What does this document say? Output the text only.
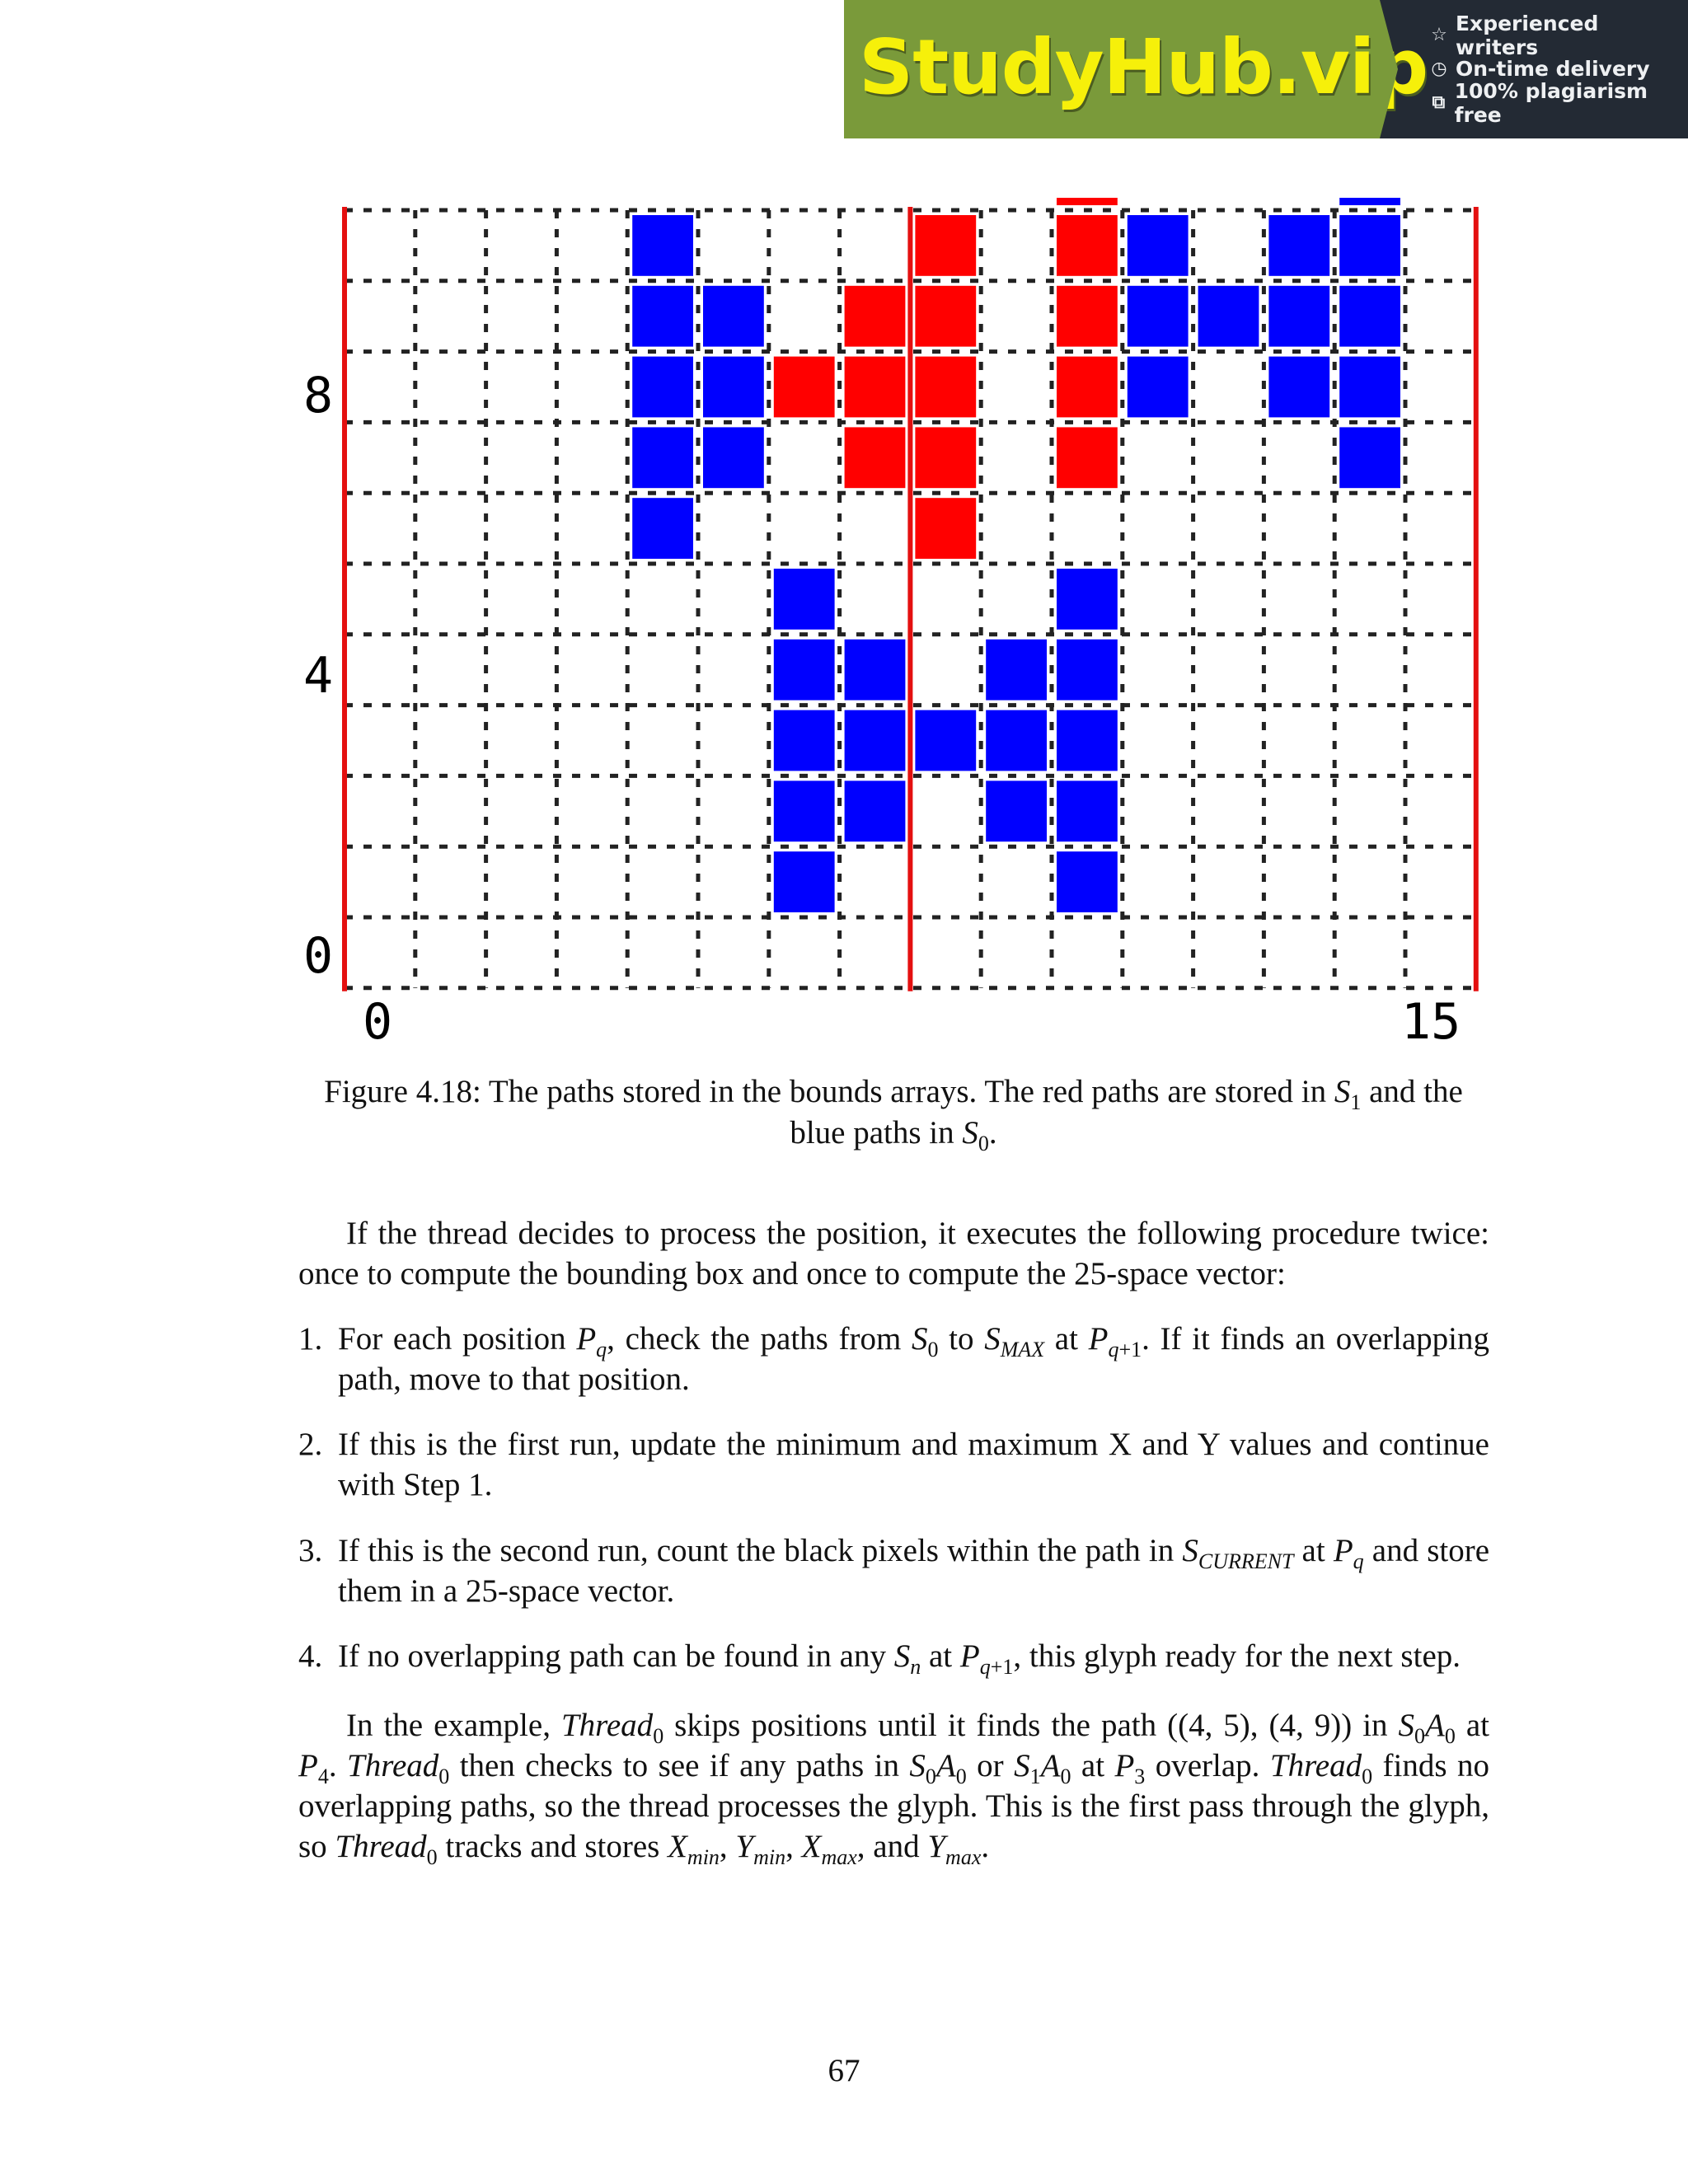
StudyHub.vip ☆ Experienced writers
◷ On-time delivery
⧉ 100% plagiarism free
8
4
0
0	15
Figure 4.18: The paths stored in the bounds arrays. The red paths are stored in $S_1$ and the blue paths in $S_0$.
If the thread decides to process the position, it executes the following procedure twice: once to compute the bounding box and once to compute the 25-space vector:
1. For each position $P_q$, check the paths from $S_0$ to $S_{MAX}$ at $P_{q+1}$. If it finds an overlapping path, move to that position.
2. If this is the first run, update the minimum and maximum X and Y values and continue with Step 1.
3. If this is the second run, count the black pixels within the path in $S_{CURRENT}$ at $P_q$ and store them in a 25-space vector.
4. If no overlapping path can be found in any $S_n$ at $P_{q+1}$, this glyph ready for the next step.
In the example, Thread$_0$ skips positions until it finds the path ((4, 5), (4, 9)) in $S_0A_0$ at $P_4$. Thread$_0$ then checks to see if any paths in $S_0A_0$ or $S_1A_0$ at $P_3$ overlap. Thread$_0$ finds no overlapping paths, so the thread processes the glyph. This is the first pass through the glyph, so Thread$_0$ tracks and stores $X_{min}$, $Y_{min}$, $X_{max}$, and $Y_{max}$.
67
